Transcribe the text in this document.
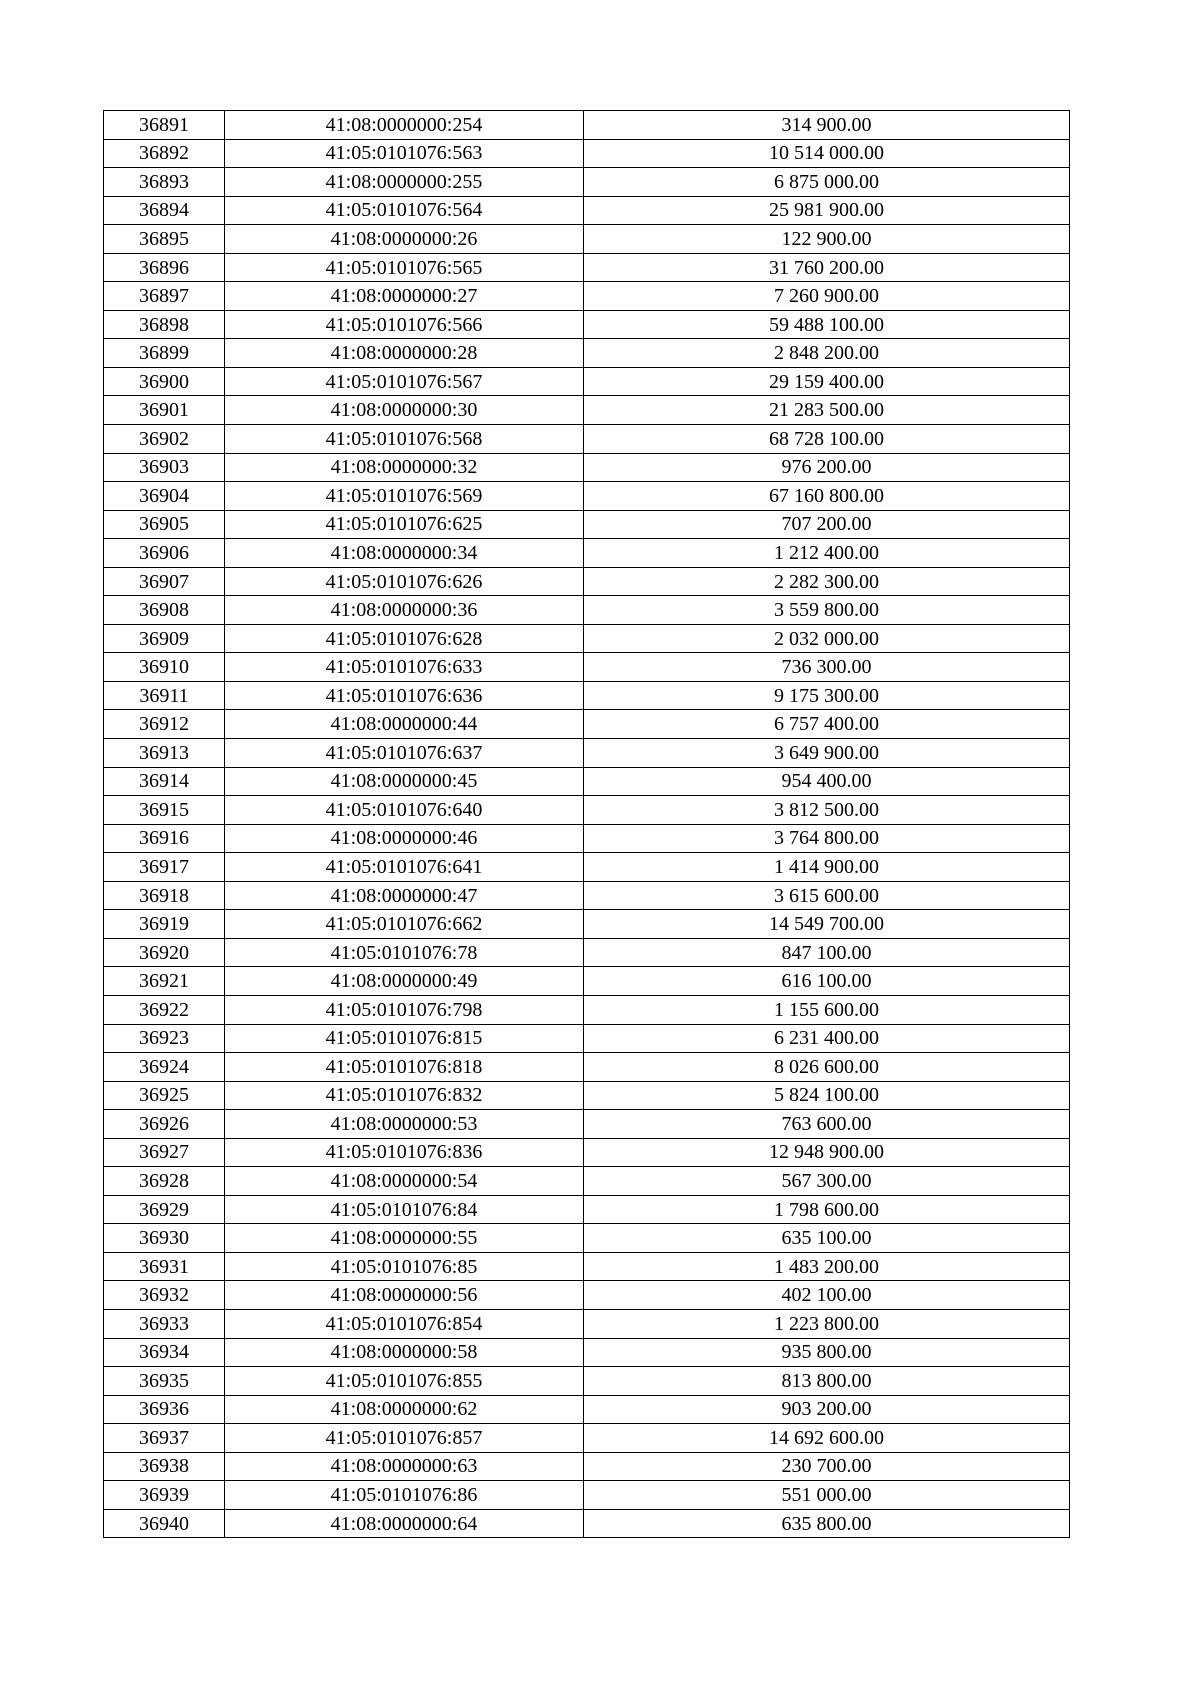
36891	41:08:0000000:254	314 900.00
36892	41:05:0101076:563	10 514 000.00
36893	41:08:0000000:255	6 875 000.00
36894	41:05:0101076:564	25 981 900.00
36895	41:08:0000000:26	122 900.00
36896	41:05:0101076:565	31 760 200.00
36897	41:08:0000000:27	7 260 900.00
36898	41:05:0101076:566	59 488 100.00
36899	41:08:0000000:28	2 848 200.00
36900	41:05:0101076:567	29 159 400.00
36901	41:08:0000000:30	21 283 500.00
36902	41:05:0101076:568	68 728 100.00
36903	41:08:0000000:32	976 200.00
36904	41:05:0101076:569	67 160 800.00
36905	41:05:0101076:625	707 200.00
36906	41:08:0000000:34	1 212 400.00
36907	41:05:0101076:626	2 282 300.00
36908	41:08:0000000:36	3 559 800.00
36909	41:05:0101076:628	2 032 000.00
36910	41:05:0101076:633	736 300.00
36911	41:05:0101076:636	9 175 300.00
36912	41:08:0000000:44	6 757 400.00
36913	41:05:0101076:637	3 649 900.00
36914	41:08:0000000:45	954 400.00
36915	41:05:0101076:640	3 812 500.00
36916	41:08:0000000:46	3 764 800.00
36917	41:05:0101076:641	1 414 900.00
36918	41:08:0000000:47	3 615 600.00
36919	41:05:0101076:662	14 549 700.00
36920	41:05:0101076:78	847 100.00
36921	41:08:0000000:49	616 100.00
36922	41:05:0101076:798	1 155 600.00
36923	41:05:0101076:815	6 231 400.00
36924	41:05:0101076:818	8 026 600.00
36925	41:05:0101076:832	5 824 100.00
36926	41:08:0000000:53	763 600.00
36927	41:05:0101076:836	12 948 900.00
36928	41:08:0000000:54	567 300.00
36929	41:05:0101076:84	1 798 600.00
36930	41:08:0000000:55	635 100.00
36931	41:05:0101076:85	1 483 200.00
36932	41:08:0000000:56	402 100.00
36933	41:05:0101076:854	1 223 800.00
36934	41:08:0000000:58	935 800.00
36935	41:05:0101076:855	813 800.00
36936	41:08:0000000:62	903 200.00
36937	41:05:0101076:857	14 692 600.00
36938	41:08:0000000:63	230 700.00
36939	41:05:0101076:86	551 000.00
36940	41:08:0000000:64	635 800.00
